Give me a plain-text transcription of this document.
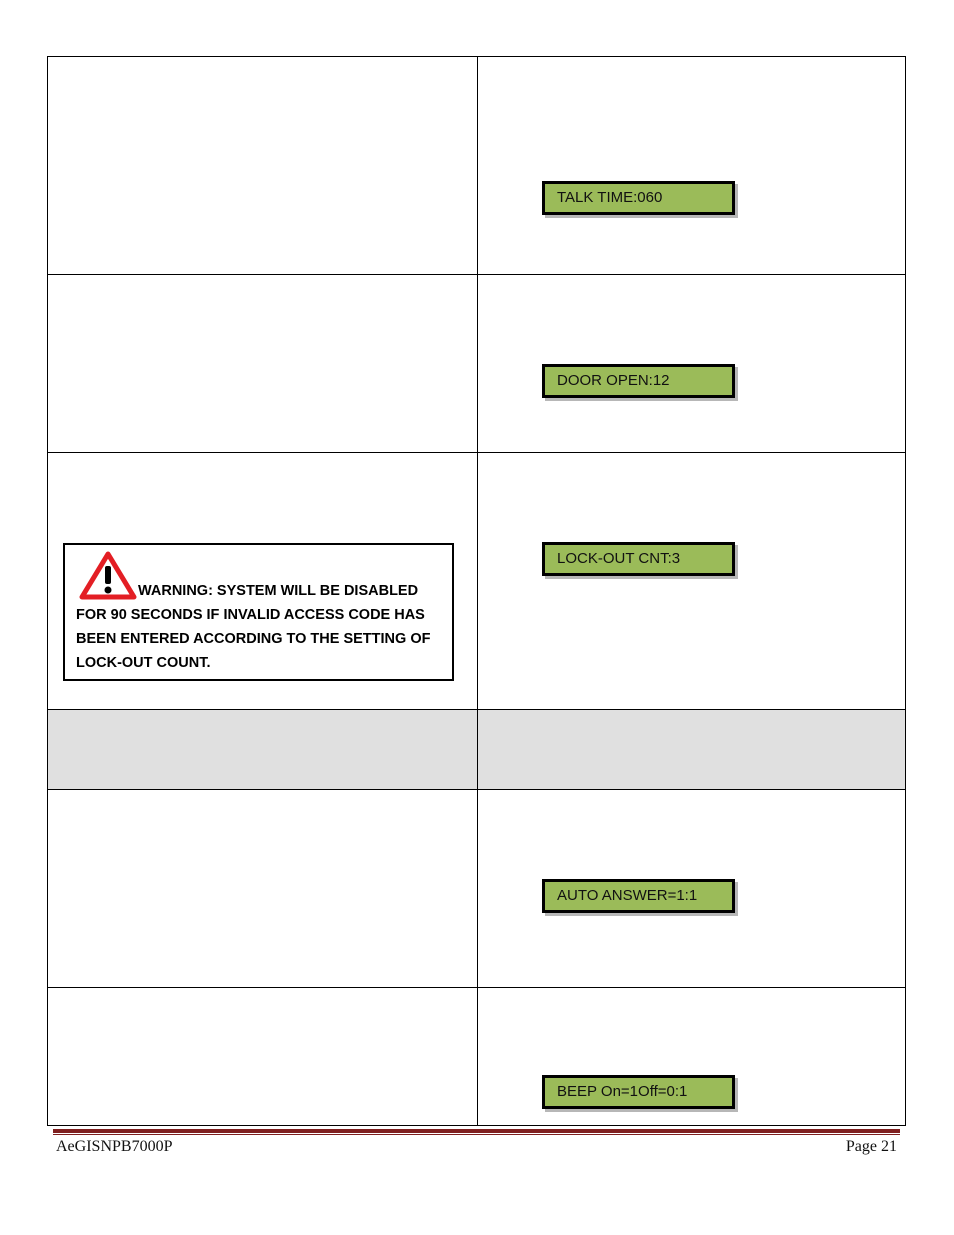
TALK TIME:060
DOOR OPEN:12
WARNING: SYSTEM WILL BE DISABLED FOR 90 SECONDS IF INVALID ACCESS CODE HAS BEEN ENTERED ACCORDING TO THE SETTING OF LOCK-OUT COUNT.
LOCK-OUT CNT:3
AUTO ANSWER=1:1
BEEP On=1Off=0:1
AeGISNPB7000P	Page 21
